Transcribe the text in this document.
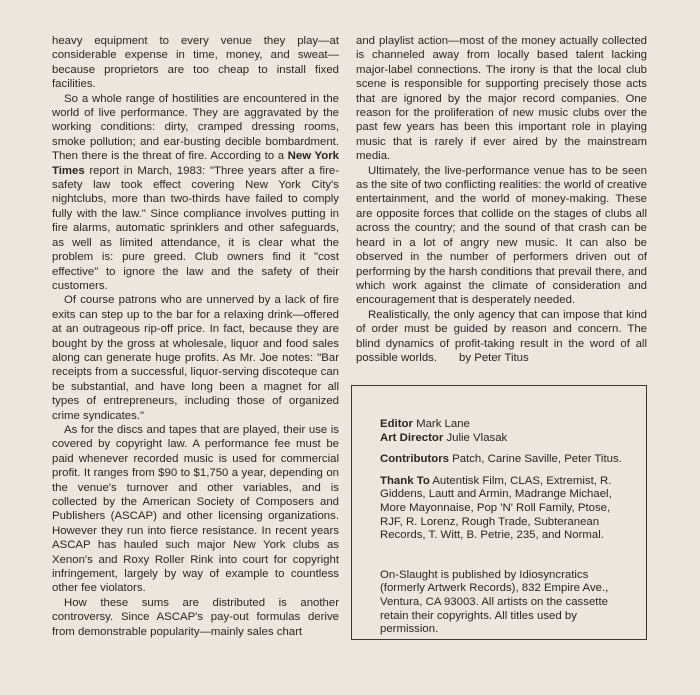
heavy equipment to every venue they play—at considerable expense in time, money, and sweat—because proprietors are too cheap to install fixed facilities.

So a whole range of hostilities are encountered in the world of live performance. They are aggravated by the working conditions: dirty, cramped dressing rooms, smoke pollution; and ear-busting decible bombardment. Then there is the threat of fire. According to a New York Times report in March, 1983: "Three years after a fire-safety law took effect covering New York City's nightclubs, more than two-thirds have failed to comply fully with the law." Since compliance involves putting in fire alarms, automatic sprinklers and other safeguards, as well as limited attendance, it is clear what the problem is: pure greed. Club owners find it "cost effective" to ignore the law and the safety of their customers.

Of course patrons who are unnerved by a lack of fire exits can step up to the bar for a relaxing drink—offered at an outrageous rip-off price. In fact, because they are bought by the gross at wholesale, liquor and food sales along can generate huge profits. As Mr. Joe notes: "Bar receipts from a successful, liquor-serving discoteque can be substantial, and have long been a magnet for all types of entrepreneurs, including those of organized crime syndicates."

As for the discs and tapes that are played, their use is covered by copyright law. A performance fee must be paid whenever recorded music is used for commercial profit. It ranges from $90 to $1,750 a year, depending on the venue's turnover and other variables, and is collected by the American Society of Composers and Publishers (ASCAP) and other licensing organizations. However they run into fierce resistance. In recent years ASCAP has hauled such major New York clubs as Xenon's and Roxy Roller Rink into court for copyright infringement, largely by way of example to countless other fee violators.

How these sums are distributed is another controversy. Since ASCAP's pay-out formulas derive from demonstrable popularity—mainly sales chart

and playlist action—most of the money actually collected is channeled away from locally based talent lacking major-label connections. The irony is that the local club scene is responsible for supporting precisely those acts that are ignored by the major record companies. One reason for the proliferation of new music clubs over the past few years has been this important role in playing music that is rarely if ever aired by the mainstream media.

Ultimately, the live-performance venue has to be seen as the site of two conflicting realities: the world of creative entertainment, and the world of money-making. These are opposite forces that collide on the stages of clubs all across the country; and the sound of that crash can be heard in a lot of angry new music. It can also be observed in the number of performers driven out of performing by the harsh conditions that prevail there, and which work against the climate of consideration and encouragement that is desperately needed.

Realistically, the only agency that can impose that kind of order must be guided by reason and concern. The blind dynamics of profit-taking result in the word of all possible worlds. by Peter Titus

Editor Mark Lane
Art Director Julie Vlasak
Contributors Patch, Carine Saville, Peter Titus.
Thank To Autentisk Film, CLAS, Extremist, R. Giddens, Lautt and Armin, Madrange Michael, More Mayonnaise, Pop 'N' Roll Family, Ptose, RJF, R. Lorenz, Rough Trade, Subteranean Records, T. Witt, B. Petrie, 235, and Normal.
On-Slaught is published by Idiosyncratics (formerly Artwerk Records), 832 Empire Ave., Ventura, CA 93003. All artists on the cassette retain their copyrights. All titles used by permission.
